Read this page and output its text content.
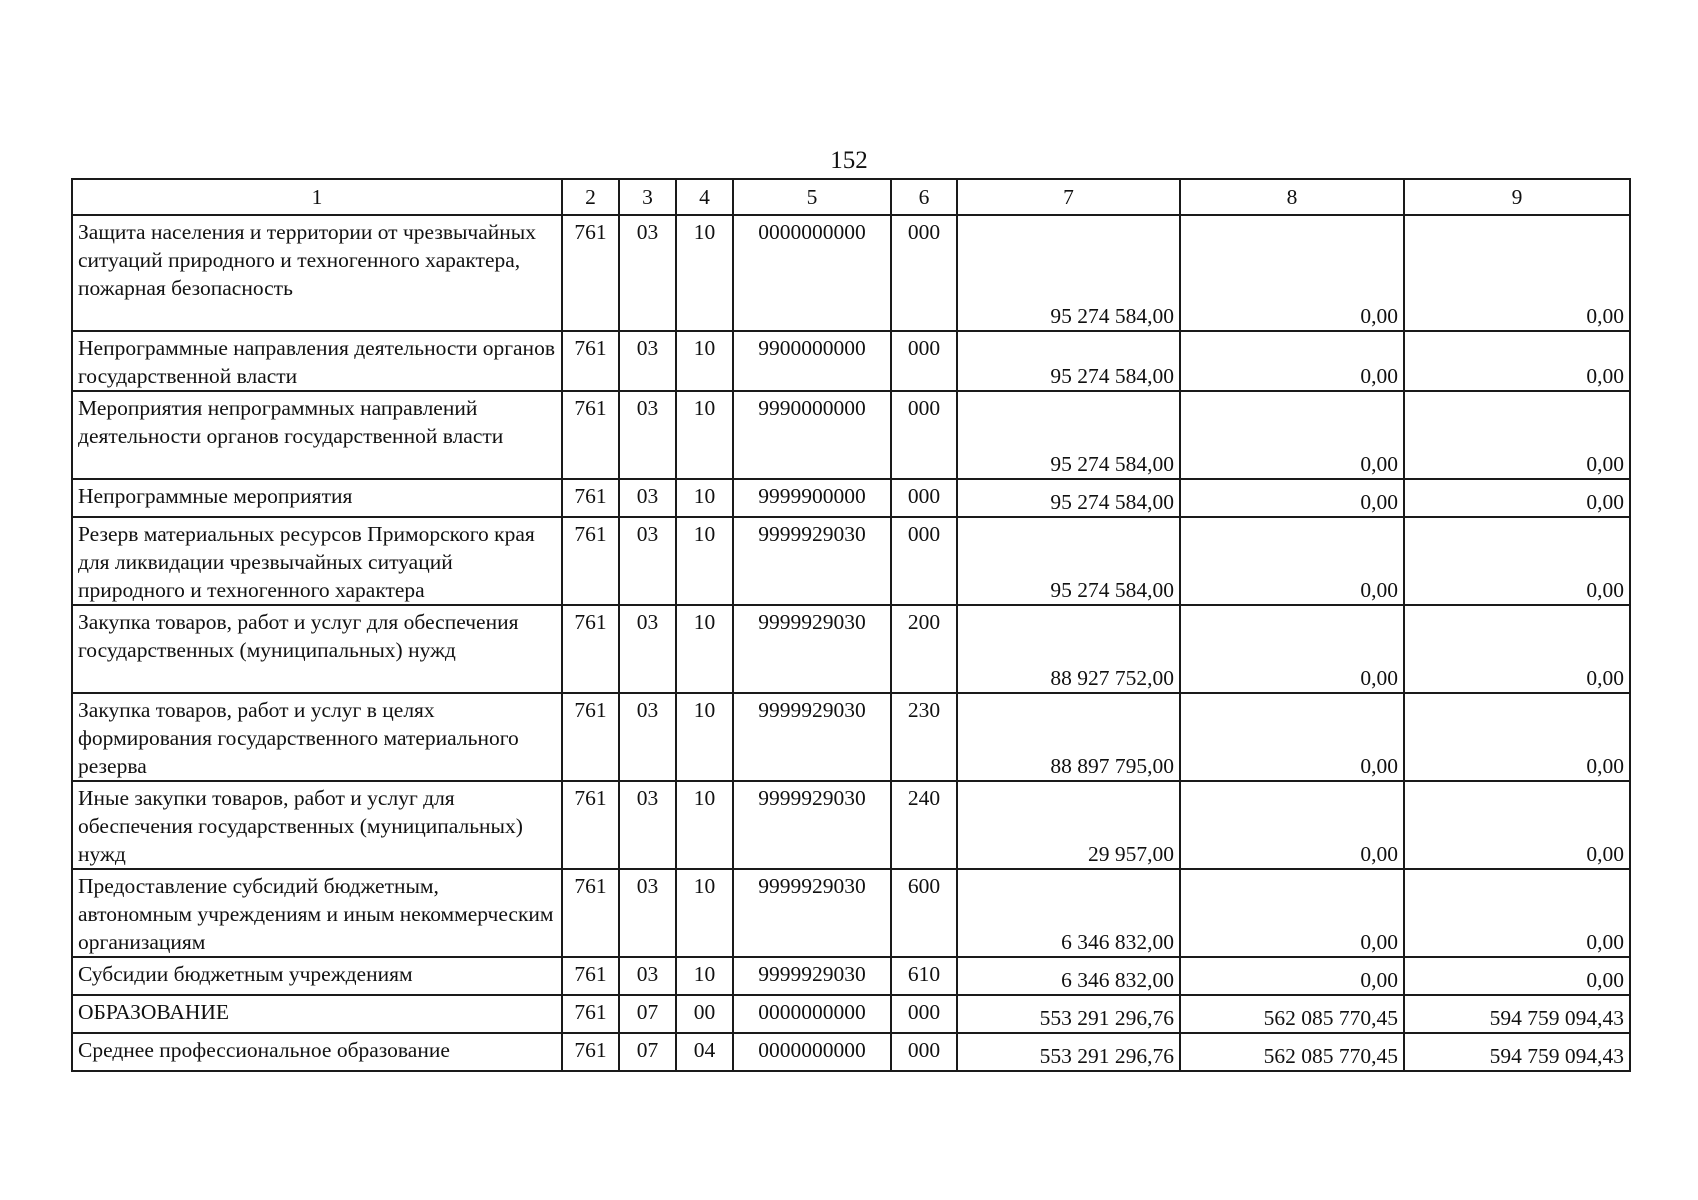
152
1	2	3	4	5	6	7	8	9
Защита населения и территории от чрезвычайных ситуаций природного и техногенного характера, пожарная безопасность	761	03	10	0000000000	000	95 274 584,00	0,00	0,00
Непрограммные направления деятельности органов государственной власти	761	03	10	9900000000	000	95 274 584,00	0,00	0,00
Мероприятия непрограммных направлений деятельности органов государственной власти	761	03	10	9990000000	000	95 274 584,00	0,00	0,00
Непрограммные мероприятия	761	03	10	9999900000	000	95 274 584,00	0,00	0,00
Резерв материальных ресурсов Приморского края для ликвидации чрезвычайных ситуаций природного и техногенного характера	761	03	10	9999929030	000	95 274 584,00	0,00	0,00
Закупка товаров, работ и услуг для обеспечения государственных (муниципальных) нужд	761	03	10	9999929030	200	88 927 752,00	0,00	0,00
Закупка товаров, работ и услуг в целях формирования государственного материального резерва	761	03	10	9999929030	230	88 897 795,00	0,00	0,00
Иные закупки товаров, работ и услуг для обеспечения государственных (муниципальных) нужд	761	03	10	9999929030	240	29 957,00	0,00	0,00
Предоставление субсидий бюджетным, автономным учреждениям и иным некоммерческим организациям	761	03	10	9999929030	600	6 346 832,00	0,00	0,00
Субсидии бюджетным учреждениям	761	03	10	9999929030	610	6 346 832,00	0,00	0,00
ОБРАЗОВАНИЕ	761	07	00	0000000000	000	553 291 296,76	562 085 770,45	594 759 094,43
Среднее профессиональное образование	761	07	04	0000000000	000	553 291 296,76	562 085 770,45	594 759 094,43
